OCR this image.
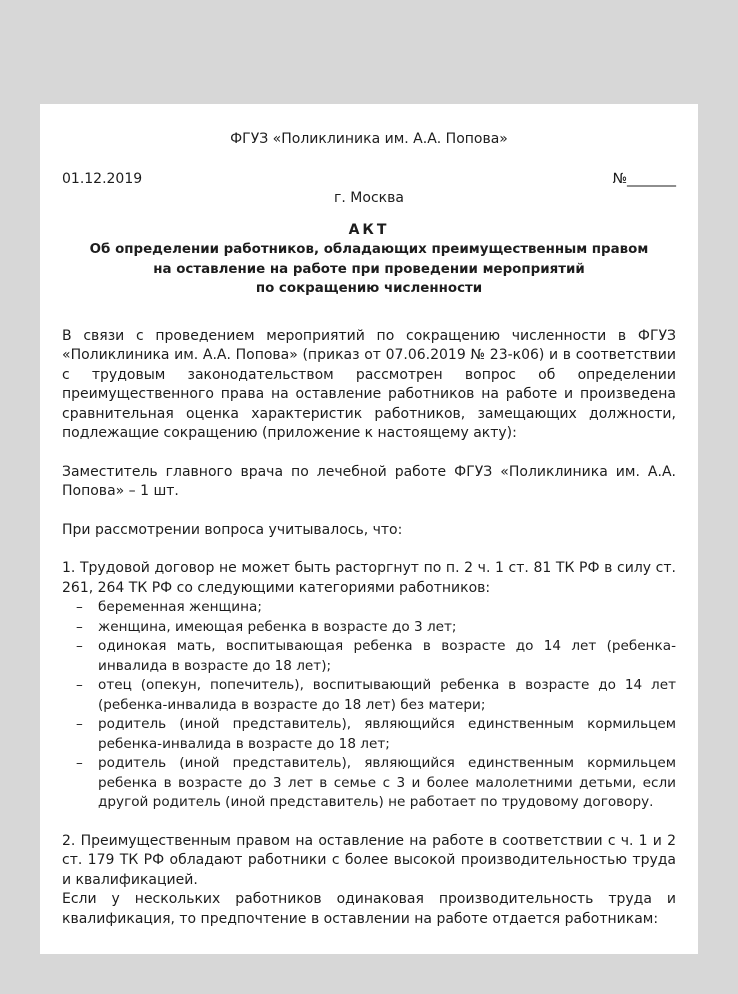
ФГУЗ «Поликлиника им. А.А. Попова»

01.12.2019	№_______

г. Москва

АКТ

Об определении работников, обладающих преимущественным правом

на оставление на работе при проведении мероприятий

по сокращению численности

В связи с проведением мероприятий по сокращению численности в ФГУЗ «Поликлиника им. А.А. Попова» (приказ от 07.06.2019 № 23-к06) и в соответствии с трудовым законодательством рассмотрен вопрос об определении преимущественного права на оставление работников на работе и произведена сравнительная оценка характеристик работников, замещающих должности, подлежащие сокращению (приложение к настоящему акту):

Заместитель главного врача по лечебной работе ФГУЗ «Поликлиника им. А.А. Попова» – 1 шт.

При рассмотрении вопроса учитывалось, что:

1. Трудовой договор не может быть расторгнут по п. 2 ч. 1 ст. 81 ТК РФ в силу ст. 261, 264 ТК РФ со следующими категориями работников:

– беременная женщина;
– женщина, имеющая ребенка в возрасте до 3 лет;
– одинокая мать, воспитывающая ребенка в возрасте до 14 лет (ребенка-инвалида в возрасте до 18 лет);
– отец (опекун, попечитель), воспитывающий ребенка в возрасте до 14 лет (ребенка-инвалида в возрасте до 18 лет) без матери;
– родитель (иной представитель), являющийся единственным кормильцем ребенка-инвалида в возрасте до 18 лет;
– родитель (иной представитель), являющийся единственным кормильцем ребенка в возрасте до 3 лет в семье с 3 и более малолетними детьми, если другой родитель (иной представитель) не работает по трудовому договору.

2. Преимущественным правом на оставление на работе в соответствии с ч. 1 и 2 ст. 179 ТК РФ обладают работники с более высокой производительностью труда и квалификацией.

Если у нескольких работников одинаковая производительность труда и квалификация, то предпочтение в оставлении на работе отдается работникам:
